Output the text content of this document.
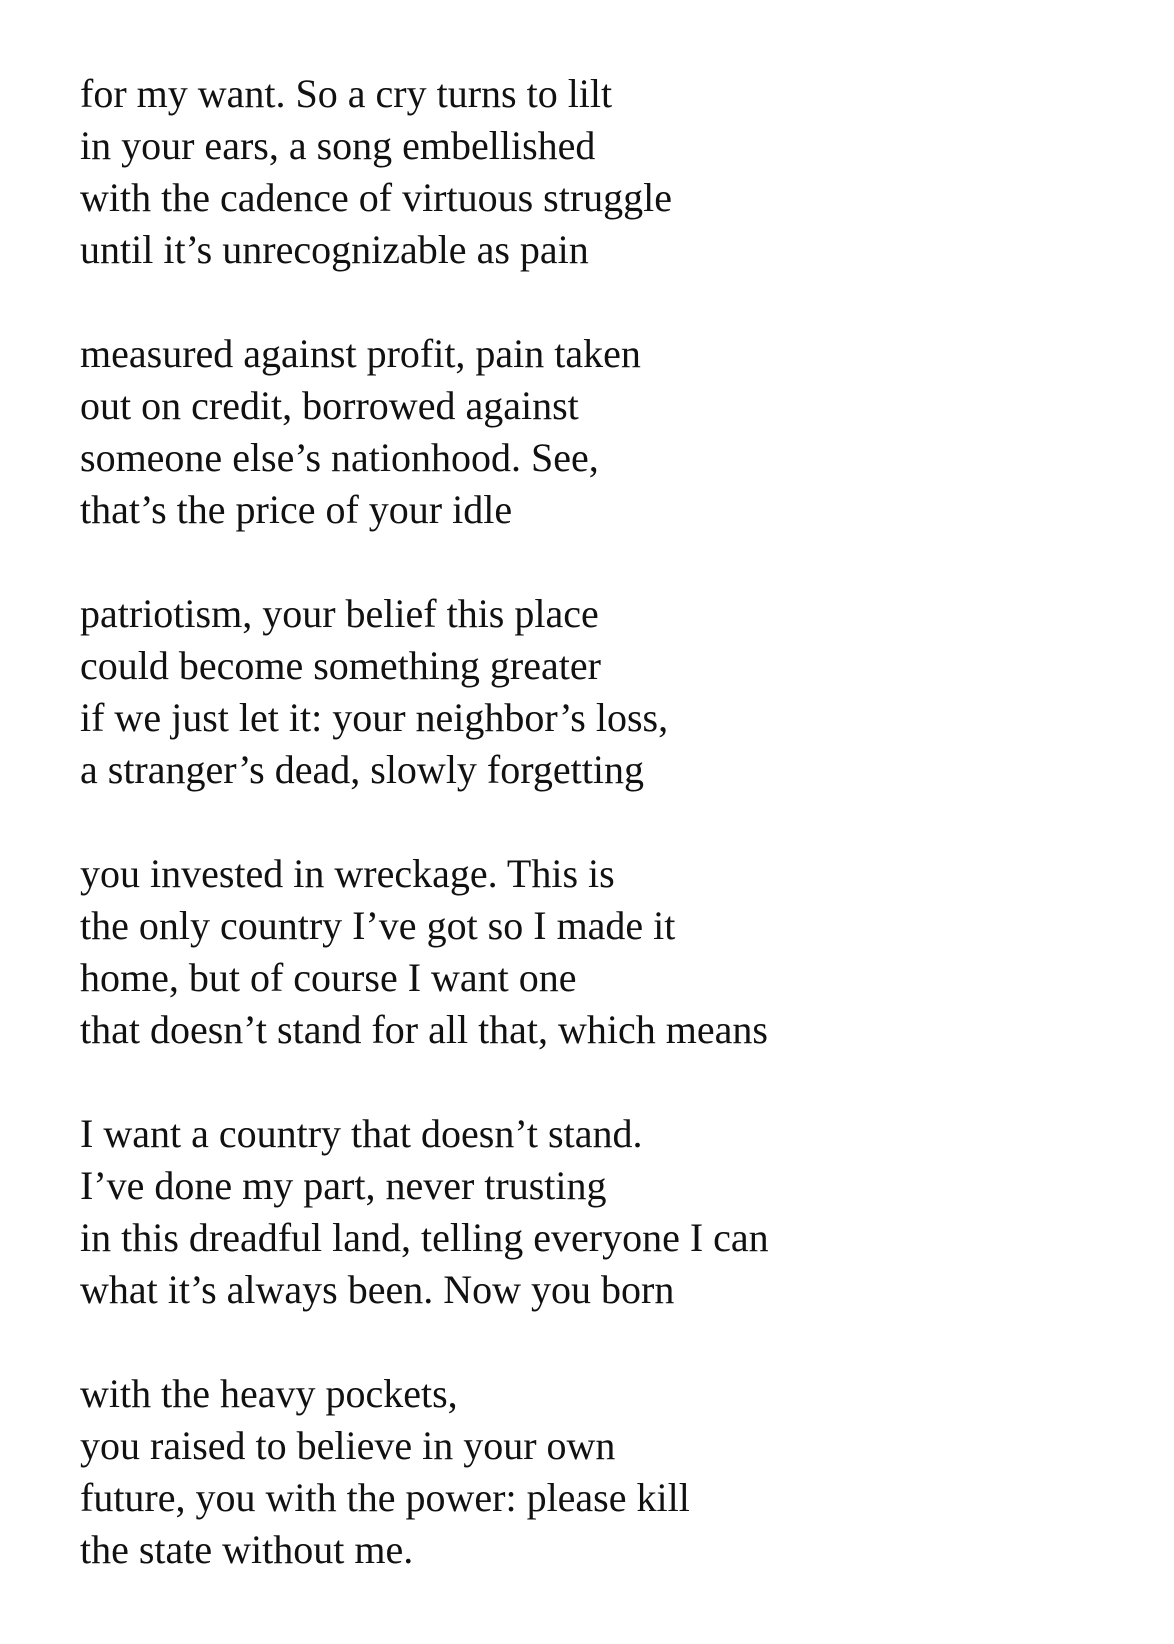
for my want. So a cry turns to lilt
in your ears, a song embellished
with the cadence of virtuous struggle
until it’s unrecognizable as pain
measured against profit, pain taken
out on credit, borrowed against
someone else’s nationhood. See,
that’s the price of your idle
patriotism, your belief this place
could become something greater
if we just let it: your neighbor’s loss,
a stranger’s dead, slowly forgetting
you invested in wreckage. This is
the only country I’ve got so I made it
home, but of course I want one
that doesn’t stand for all that, which means
I want a country that doesn’t stand.
I’ve done my part, never trusting
in this dreadful land, telling everyone I can
what it’s always been. Now you born
with the heavy pockets,
you raised to believe in your own
future, you with the power: please kill
the state without me.
